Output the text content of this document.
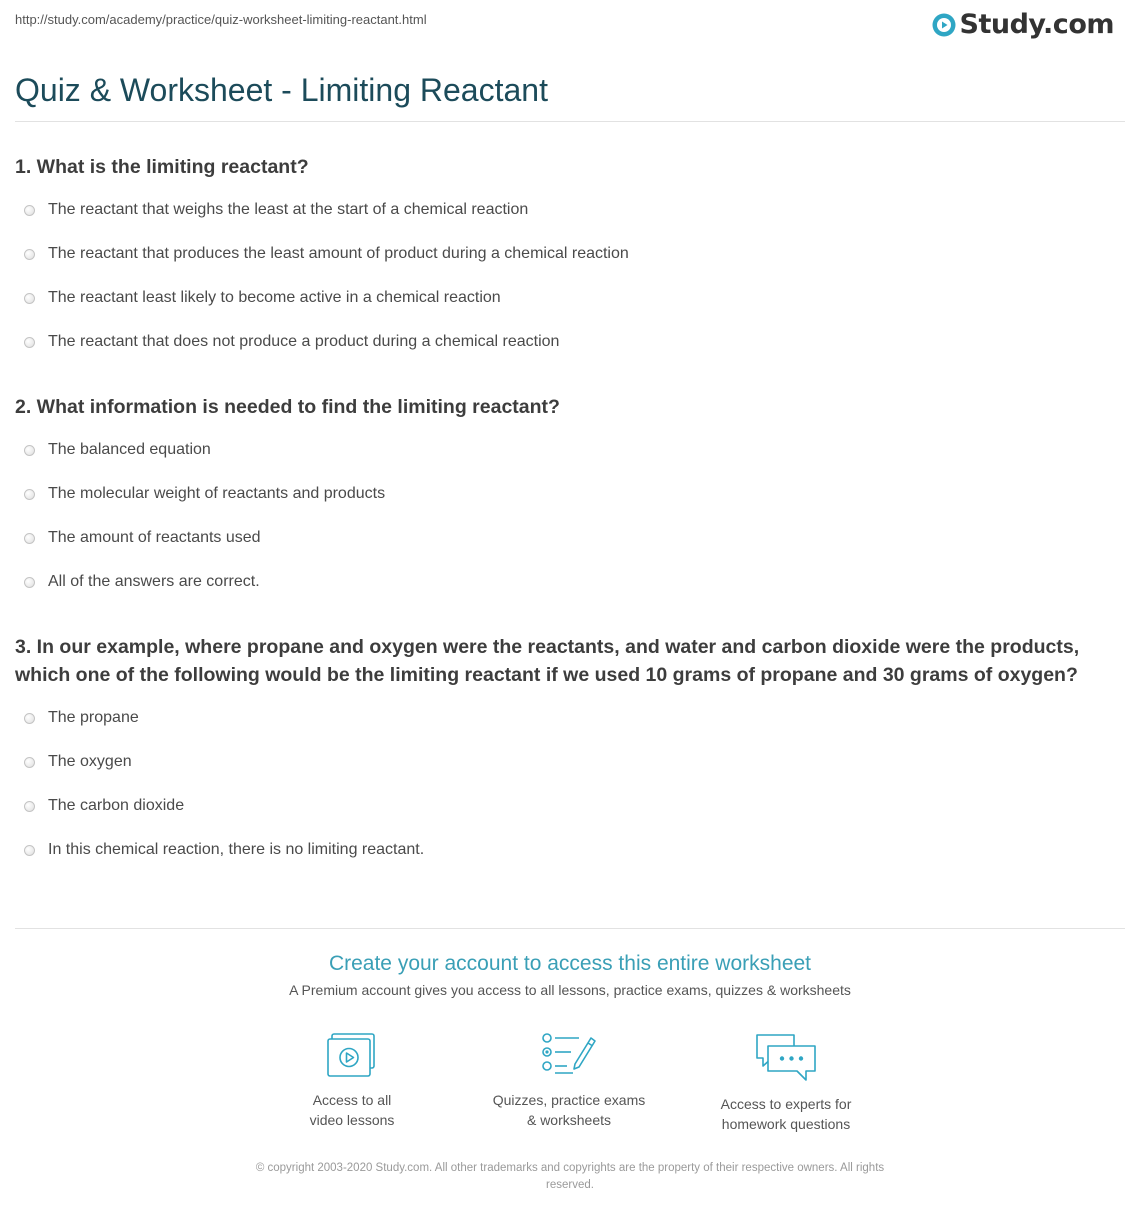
http://study.com/academy/practice/quiz-worksheet-limiting-reactant.html	Study.com
Quiz & Worksheet - Limiting Reactant

1. What is the limiting reactant?

The reactant that weighs the least at the start of a chemical reaction
The reactant that produces the least amount of product during a chemical reaction
The reactant least likely to become active in a chemical reaction
The reactant that does not produce a product during a chemical reaction

2. What information is needed to find the limiting reactant?

The balanced equation
The molecular weight of reactants and products
The amount of reactants used
All of the answers are correct.

3. In our example, where propane and oxygen were the reactants, and water and carbon dioxide were the products, which one of the following would be the limiting reactant if we used 10 grams of propane and 30 grams of oxygen?

The propane
The oxygen
The carbon dioxide
In this chemical reaction, there is no limiting reactant.
Create your account to access this entire worksheet
A Premium account gives you access to all lessons, practice exams, quizzes & worksheets
Access to all
video lessons
Quizzes, practice exams
& worksheets
Access to experts for
homework questions
© copyright 2003-2020 Study.com. All other trademarks and copyrights are the property of their respective owners. All rights
reserved.
